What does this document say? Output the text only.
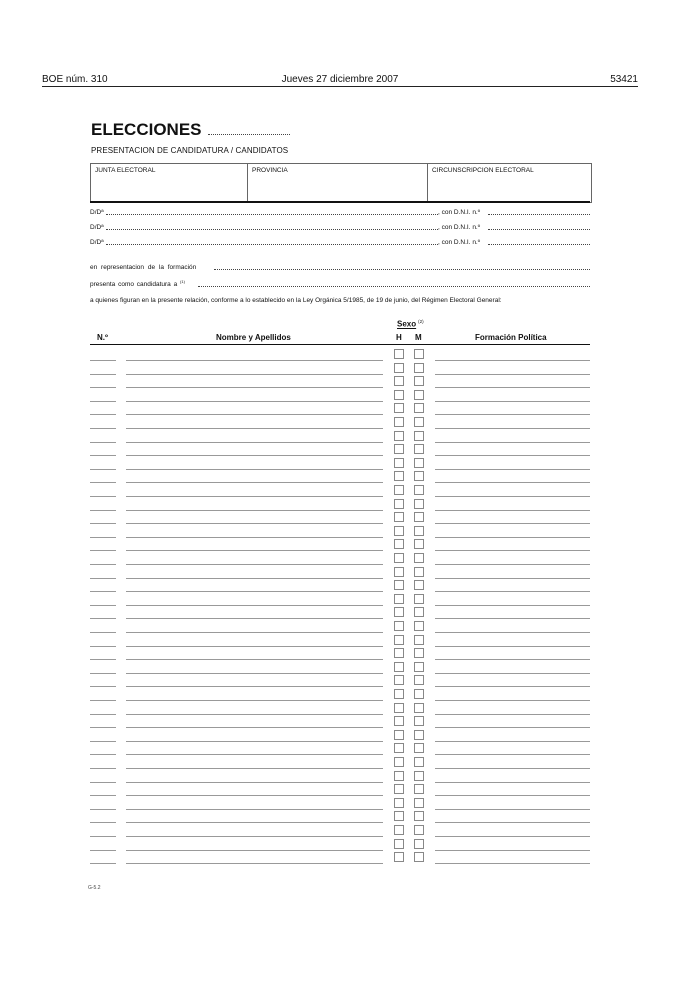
BOE núm. 310	Jueves 27 diciembre 2007	53421
ELECCIONES
PRESENTACION DE CANDIDATURA / CANDIDATOS
JUNTA ELECTORAL	PROVINCIA	CIRCUNSCRIPCION ELECTORAL
D/Dª	, con D.N.I. n.º
D/Dª	, con D.N.I. n.º
D/Dª	, con D.N.I. n.º
en representacion de la formación
presenta como candidatura a $^{(1)}$
a quienes figuran en la presente relación, conforme a lo establecido en la Ley Orgánica 5/1985, de 19 de junio, del Régimen Electoral General:
Sexo $^{(2)}$
N.º	Nombre y Apellidos	H M	Formación Política
G-5.2
